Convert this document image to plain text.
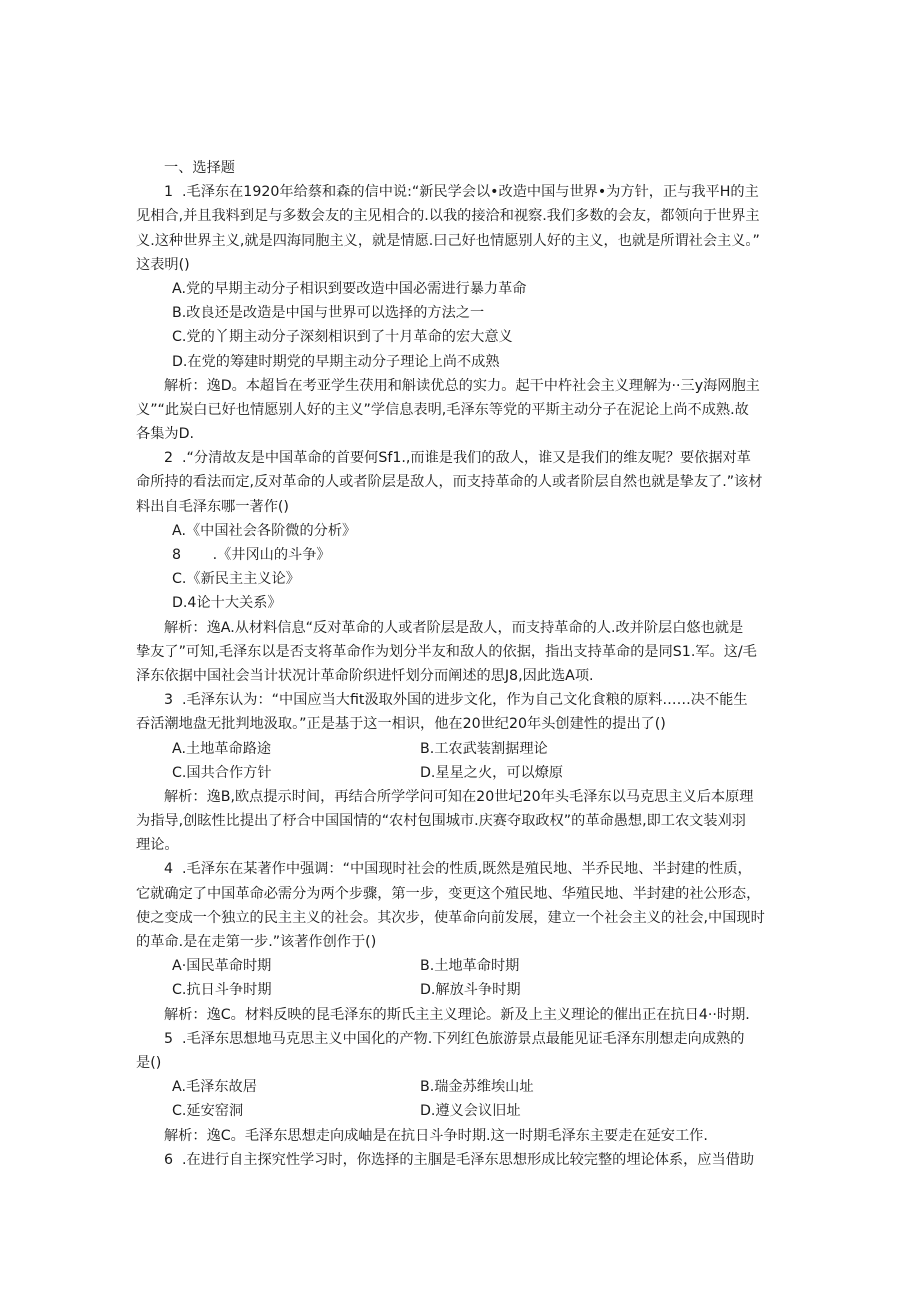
一、选择题
1  .毛泽东在1920年给蔡和森的信中说:“新民学会以•改造中国与世界•为方针，正与我平H的主
见相合,并且我料到足与多数会友的主见相合的.以我的接洽和视察.我们多数的会友，都领向于世界主
义.这种世界主义,就是四海同胞主义，就是情愿.曰己好也情愿别人好的主义，也就是所谓社会主义。”
这表明()
A.党的早期主动分子相识到要改造中国必需进行暴力革命
B.改良还是改造是中国与世界可以选择的方法之一
C.党的丫期主动分子深刻相识到了十月革命的宏大意义
D.在党的筹建时期党的早期主动分子理论上尚不成熟
解析：逸D。本超旨在考亚学生茯用和斛读优总的实力。起干中杵社会主义理解为··三y海网胞主
义”“此炭白已好也情愿别人好的主义”学信息表明,毛泽东等党的平斯主动分子在泥论上尚不成熟.故
各集为D.
2  .“分清故友是中国革命的首要何Sf1.,而谁是我们的敌人，谁又是我们的维友呢？要依据对革
命所持的看法而定,反对革命的人或者阶层是敌人，而支持革命的人或者阶层自然也就是挚友了.”该材
料出自毛泽东哪一著作()
A.《中国社会各阶微的分析》
8       .《井冈山的斗争》
C.《新民主主义论》
D.4论十大关系》
解析：逸A.从材料信息“反对革命的人或者阶层是敌人，而支持革命的人.改并阶层白悠也就是
挚友了”可知,毛泽东以是否支将革命作为划分半友和敌人的依据，指出支持革命的是同S1.军。这/毛
泽东依据中国社会当计状况计革命阶织进忏划分而阐述的思J8,因此选A项.
3  .毛泽东认为：“中国应当大fit汲取外国的进步文化，作为自己文化食粮的原料……决不能生
吞活潮地盘无批判地汲取。”正是基于这一相识，他在20世纪20年头创建性的提出了()
A.土地革命路途	B.工农武装割据理论
C.国共合作方针	D.星星之火，可以燎原
解析：逸B,欧点提示时间，再结合所学学问可知在20世圮20年头毛泽东以马克思主义后本原理
为指导,创眩性比提出了杼合中国国情的“农村包围城市.庆赛夺取政权”的革命愚想,即工农文装刈羽
理论。
4  .毛泽东在某著作中强调：“中国现时社会的性质,既然是殖民地、半乔民地、半封建的性质，
它就确定了中国革命必需分为两个步骤，第一步，变更这个殖民地、华殖民地、半封建的社公形态，
使之变成一个独立的民主主义的社会。其次步，使革命向前发展，建立一个社会主义的社会,中国现时
的革命.是在走第一步.”该著作创作于()
A·国民革命时期	B.土地革命时期
C.抗日斗争时期	D.解放斗争时期
解析：逸C。材料反映的昆毛泽东的斯氏主主义理论。新及上主义理论的催出正在抗日4··时期.
5  .毛泽东思想地马克思主义中国化的产物.下列红色旅游景点最能见证毛泽东刖想走向成熟的
是()
A.毛泽东故居	B.瑞金苏维埃山址
C.延安窑洞	D.遵义会议旧址
解析：逸C。毛泽东思想走向成岫是在抗日斗争时期.这一时期毛泽东主要走在延安工作.
6  .在进行自主探究性学习时，你选择的主腘是毛泽东思想形成比较完整的埋论体系，应当借助
